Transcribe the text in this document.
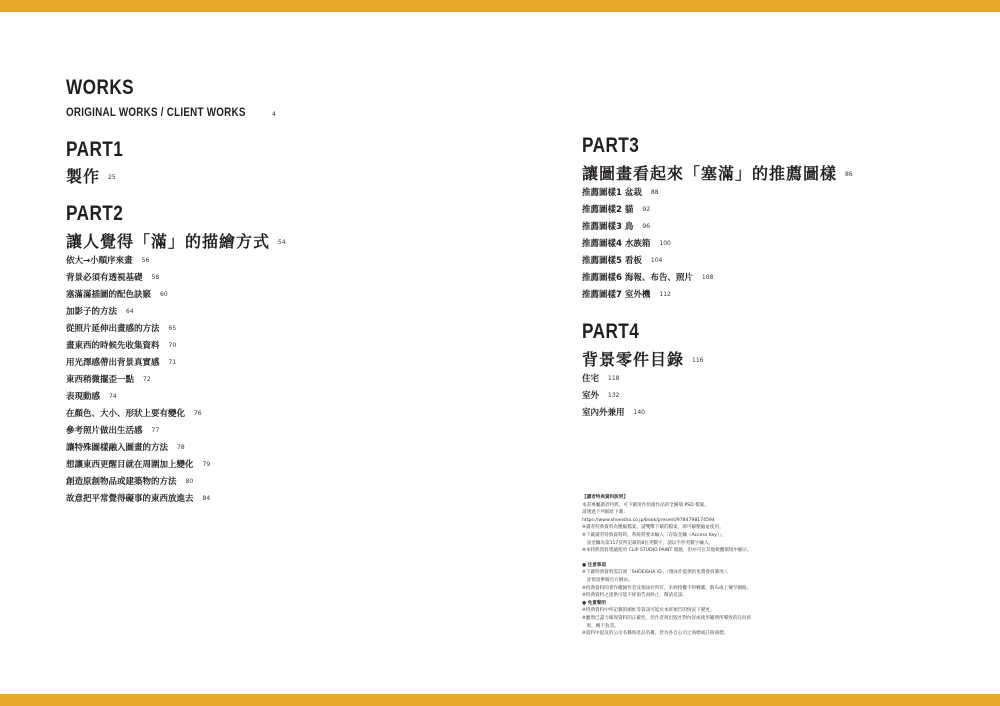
WORKS
ORIGINAL WORKS / CLIENT WORKS	4
PART1
製作 25
PART2
讓人覺得「滿」的描繪方式 54
依大→小順序來畫 56
背景必須有透視基礎 58
塞滿滿插圖的配色訣竅 60
加影子的方法 64
從照片延伸出畫感的方法 65
畫東西的時候先收集資料 70
用光澤感帶出背景真實感 71
東西稍微擺歪一點 72
表現動感 74
在顏色、大小、形狀上要有變化 76
參考照片做出生活感 77
讓特殊圖樣融入圖畫的方法 78
想讓東西更醒目就在周圍加上變化 79
創造原創物品或建築物的方法 80
故意把平常覺得礙事的東西放進去 84
PART3
讓圖畫看起來「塞滿」的推薦圖樣 86
推薦圖樣1 盆栽 88
推薦圖樣2 貓 92
推薦圖樣3 鳥 96
推薦圖樣4 水族箱 100
推薦圖樣5 看板 104
推薦圖樣6 海報、布告、照片 108
推薦圖樣7 室外機 112
PART4
背景零件目錄 116
住宅 118
室外 132
室內外兼用 140
【讀者特典資料說明】
本書專屬讀者特典，可下載用作原創作品的全圖層 PSD 檔案。
請透過下列網址下載：
https://www.shoeisha.co.jp/book/present/9784798174594
※讀者特典資料為壓縮檔案，請雙擊下載的檔案，即可解壓縮並使用。
※下載讀者特典資料時，系統將要求輸入「存取金鑰（Access Key）」。
　該金鑰為第117頁所記載的8位英數字，請以半形英數字輸入。
※本特典資料建議使用 CLIP STUDIO PAINT 開啟，但亦可在其他軟體環境中顯示。
● 注意事項
※下載特典資料需註冊「SHOEISHA iD」（翔泳社提供的免費會員制度）。
　詳情請參閱官方網站。
※特典資料的著作權歸作者及翔泳社所有，未經授權不得轉載，散布或上傳至網路。
※特典資料之提供可能不經預告而終止，敬請見諒。
● 免責聲明
※特典資料中所記載的網址等資訊可能於本經預告的情況下變更。
※雖然已盡力確保資料的正確性，但作者與出版社對內容或使用範例所導致的任何結
　果，概不負責。
※資料中提及的公司名稱與產品名稱，皆為各自公司之商標或註冊商標。
